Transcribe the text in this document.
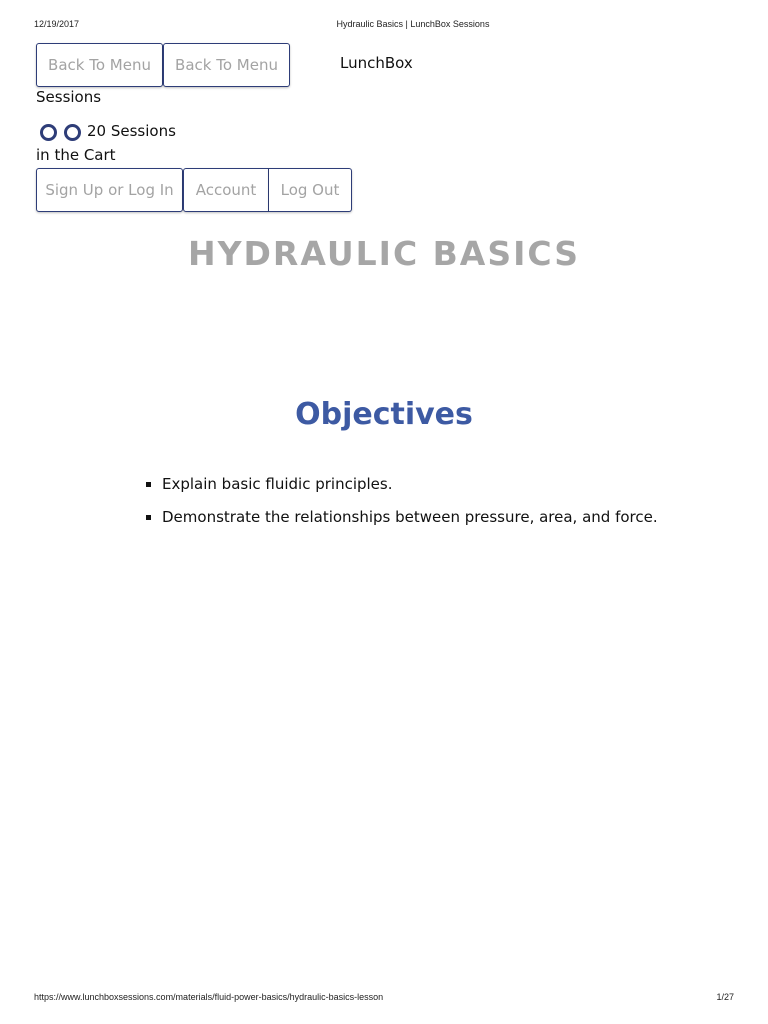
12/19/2017	Hydraulic Basics | LunchBox Sessions
Back To Menu	Back To Menu	LunchBox
Sessions
20 Sessions
in the Cart
Sign Up or Log In	Account	Log Out
HYDRAULIC BASICS
Objectives
Explain basic fluidic principles.
Demonstrate the relationships between pressure, area, and force.
https://www.lunchboxsessions.com/materials/fluid-power-basics/hydraulic-basics-lesson	1/27
